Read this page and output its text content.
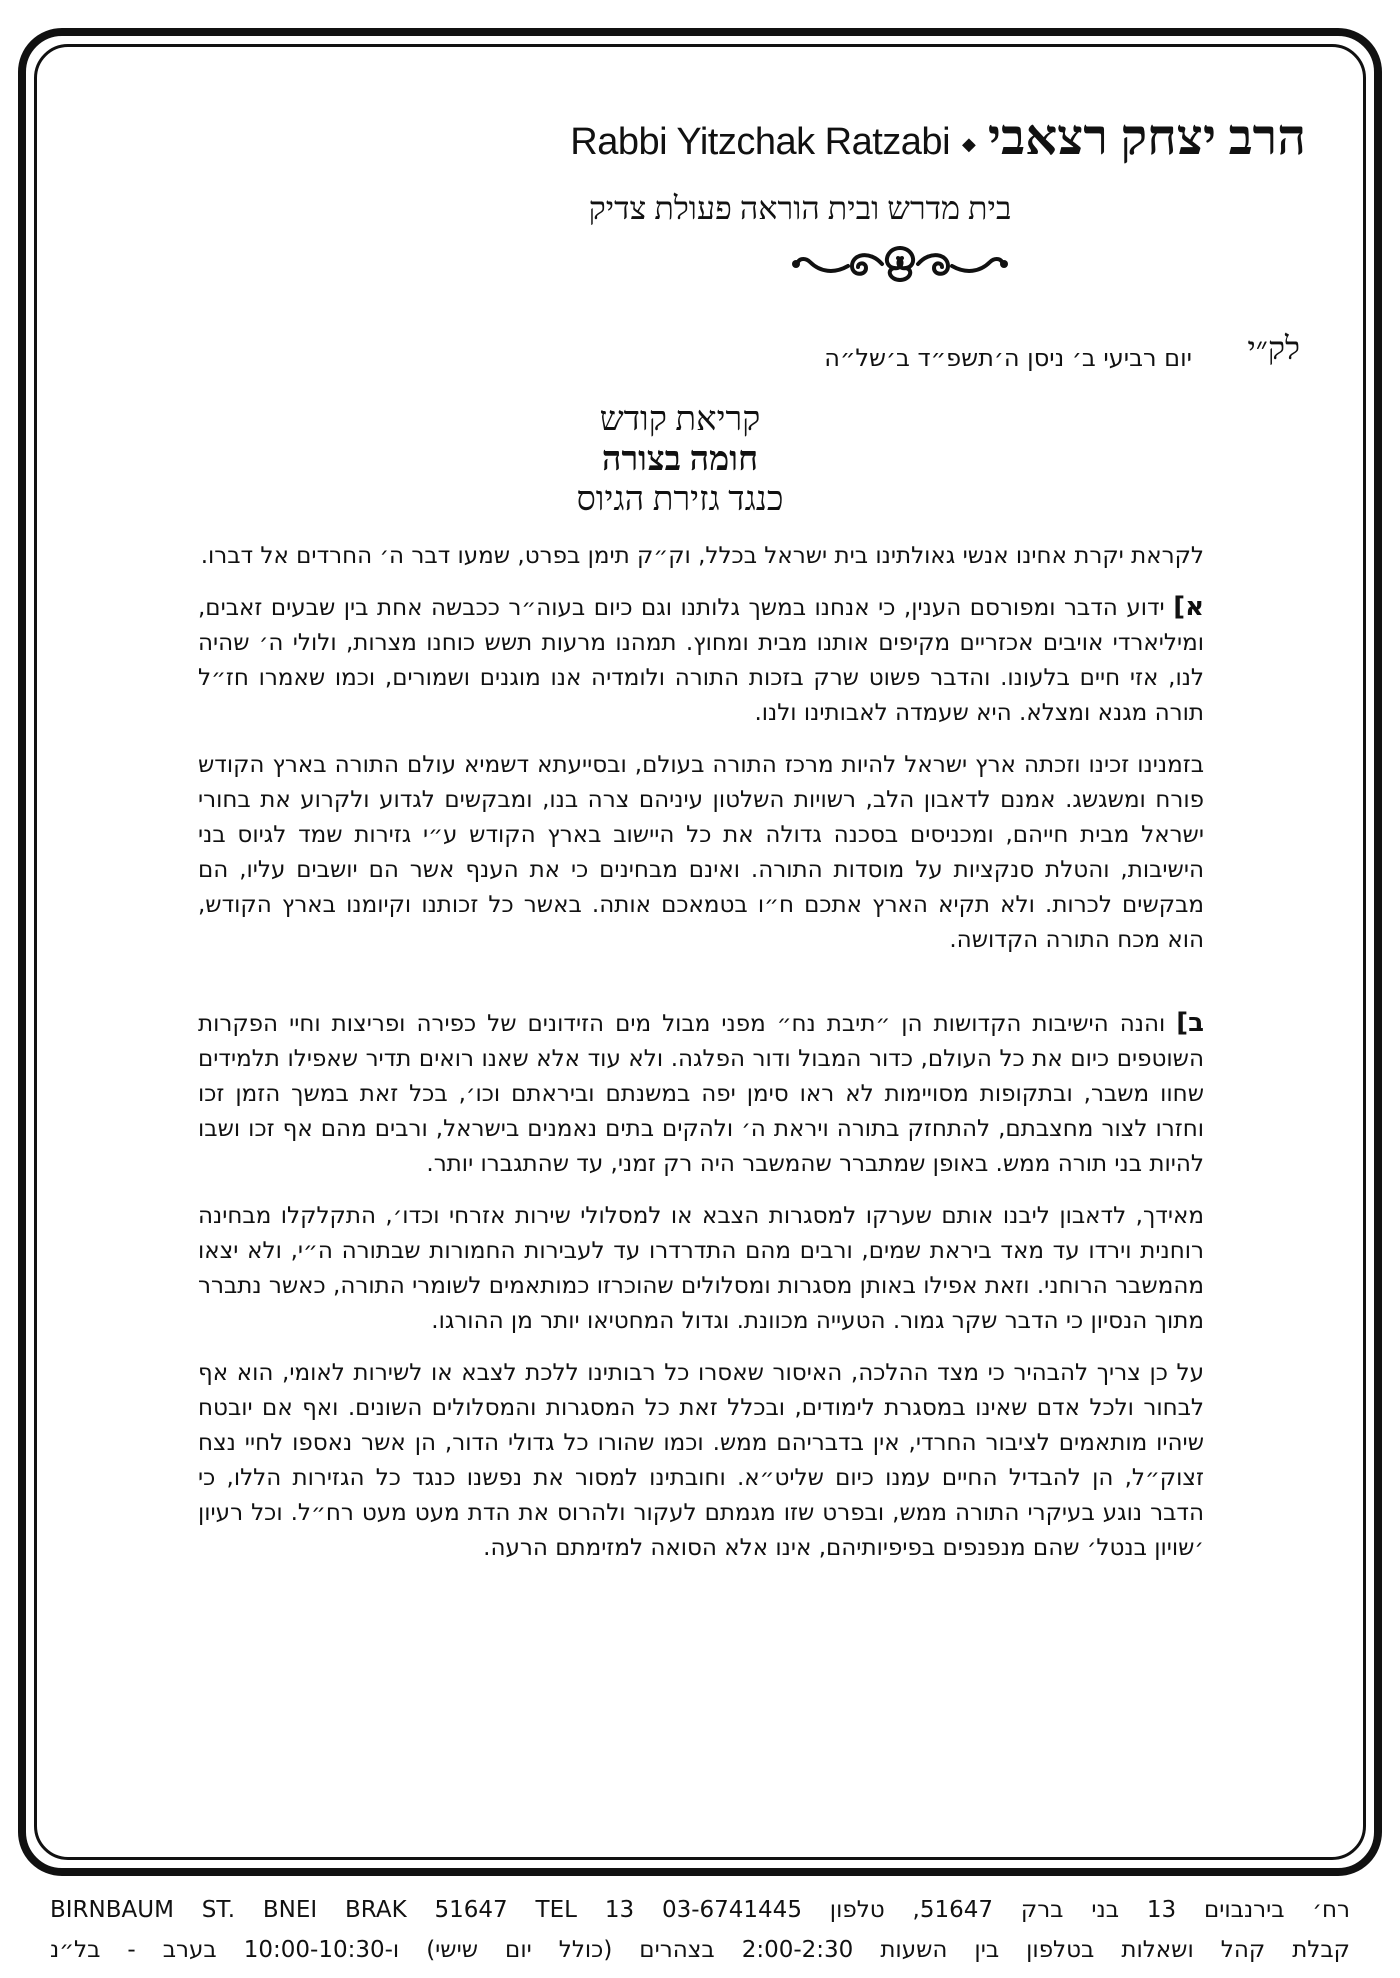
Rabbi Yitzchak Ratzabi ◆ הרב יצחק רצאבי
בית מדרש ובית הוראה פעולת צדיק
לק״י
יום רביעי ב׳ ניסן ה׳תשפ״ד ב׳של״ה
קריאת קודש
חומה בצורה
כנגד גזירת הגיוס

לקראת יקרת אחינו אנשי גאולתינו בית ישראל בכלל, וק״ק תימן בפרט, שמעו דבר ה׳ החרדים אל דברו.

א] ידוע הדבר ומפורסם הענין, כי אנחנו במשך גלותנו וגם כיום בעוה״ר ככבשה אחת בין שבעים זאבים, ומיליארדי אויבים אכזריים מקיפים אותנו מבית ומחוץ. תמהנו מרעות תשש כוחנו מצרות, ולולי ה׳ שהיה לנו, אזי חיים בלעונו. והדבר פשוט שרק בזכות התורה ולומדיה אנו מוגנים ושמורים, וכמו שאמרו חז״ל תורה מגנא ומצלא. היא שעמדה לאבותינו ולנו.

בזמנינו זכינו וזכתה ארץ ישראל להיות מרכז התורה בעולם, ובסייעתא דשמיא עולם התורה בארץ הקודש פורח ומשגשג. אמנם לדאבון הלב, רשויות השלטון עיניהם צרה בנו, ומבקשים לגדוע ולקרוע את בחורי ישראל מבית חייהם, ומכניסים בסכנה גדולה את כל היישוב בארץ הקודש ע״י גזירות שמד לגיוס בני הישיבות, והטלת סנקציות על מוסדות התורה. ואינם מבחינים כי את הענף אשר הם יושבים עליו, הם מבקשים לכרות. ולא תקיא הארץ אתכם ח״ו בטמאכם אותה. באשר כל זכותנו וקיומנו בארץ הקודש, הוא מכח התורה הקדושה.

ב] והנה הישיבות הקדושות הן ״תיבת נח״ מפני מבול מים הזידונים של כפירה ופריצות וחיי הפקרות השוטפים כיום את כל העולם, כדור המבול ודור הפלגה. ולא עוד אלא שאנו רואים תדיר שאפילו תלמידים שחוו משבר, ובתקופות מסויימות לא ראו סימן יפה במשנתם וביראתם וכו׳, בכל זאת במשך הזמן זכו וחזרו לצור מחצבתם, להתחזק בתורה ויראת ה׳ ולהקים בתים נאמנים בישראל, ורבים מהם אף זכו ושבו להיות בני תורה ממש. באופן שמתברר שהמשבר היה רק זמני, עד שהתגברו יותר.

מאידך, לדאבון ליבנו אותם שערקו למסגרות הצבא או למסלולי שירות אזרחי וכדו׳, התקלקלו מבחינה רוחנית וירדו עד מאד ביראת שמים, ורבים מהם התדרדרו עד לעבירות החמורות שבתורה ה״י, ולא יצאו מהמשבר הרוחני. וזאת אפילו באותן מסגרות ומסלולים שהוכרזו כמותאמים לשומרי התורה, כאשר נתברר מתוך הנסיון כי הדבר שקר גמור. הטעייה מכוונת. וגדול המחטיאו יותר מן ההורגו.

על כן צריך להבהיר כי מצד ההלכה, האיסור שאסרו כל רבותינו ללכת לצבא או לשירות לאומי, הוא אף לבחור ולכל אדם שאינו במסגרת לימודים, ובכלל זאת כל המסגרות והמסלולים השונים. ואף אם יובטח שיהיו מותאמים לציבור החרדי, אין בדבריהם ממש. וכמו שהורו כל גדולי הדור, הן אשר נאספו לחיי נצח זצוק״ל, הן להבדיל החיים עמנו כיום שליט״א. וחובתינו למסור את נפשנו כנגד כל הגזירות הללו, כי הדבר נוגע בעיקרי התורה ממש, ובפרט שזו מגמתם לעקור ולהרוס את הדת מעט מעט רח״ל. וכל רעיון ׳שויון בנטל׳ שהם מנפנפים בפיפיותיהם, אינו אלא הסואה למזימתם הרעה.

רח׳ בירנבוים 13 בני ברק 51647, טלפון 03-6741445 13 BIRNBAUM ST. BNEI BRAK 51647 TEL
קבלת קהל ושאלות בטלפון בין השעות 2:00-2:30 בצהרים (כולל יום שישי) ו-10:00-10:30 בערב - בל״נ
